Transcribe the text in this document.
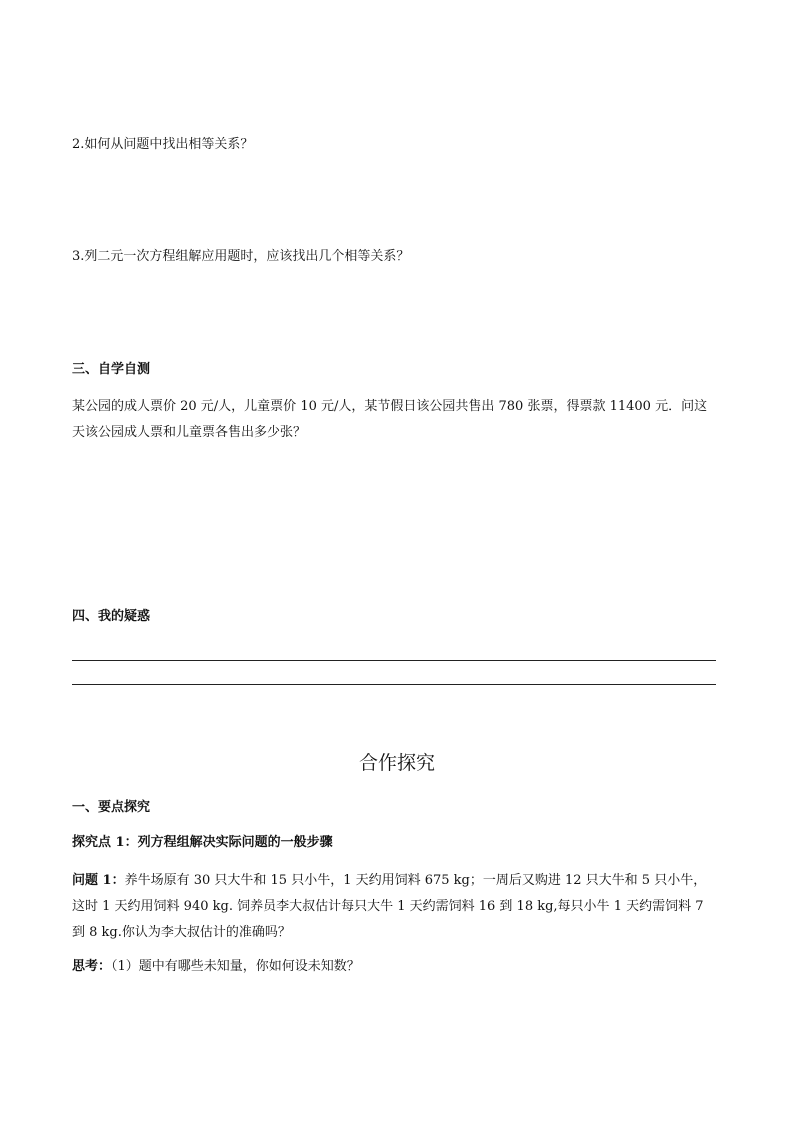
2.如何从问题中找出相等关系？
3.列二元一次方程组解应用题时，应该找出几个相等关系？
三、自学自测
某公园的成人票价 20 元/人，儿童票价 10 元/人，某节假日该公园共售出 780 张票，得票款 11400 元．问这
天该公园成人票和儿童票各售出多少张？
四、我的疑惑
合作探究
一、要点探究
探究点 1：列方程组解决实际问题的一般步骤
问题 1：养牛场原有 30 只大牛和 15 只小牛，1 天约用饲料 675 kg；一周后又购进 12 只大牛和 5 只小牛，
这时 1 天约用饲料 940 kg. 饲养员李大叔估计每只大牛 1 天约需饲料 16 到 18 kg,每只小牛 1 天约需饲料 7
到 8 kg.你认为李大叔估计的准确吗？
思考：（1）题中有哪些未知量，你如何设未知数？
